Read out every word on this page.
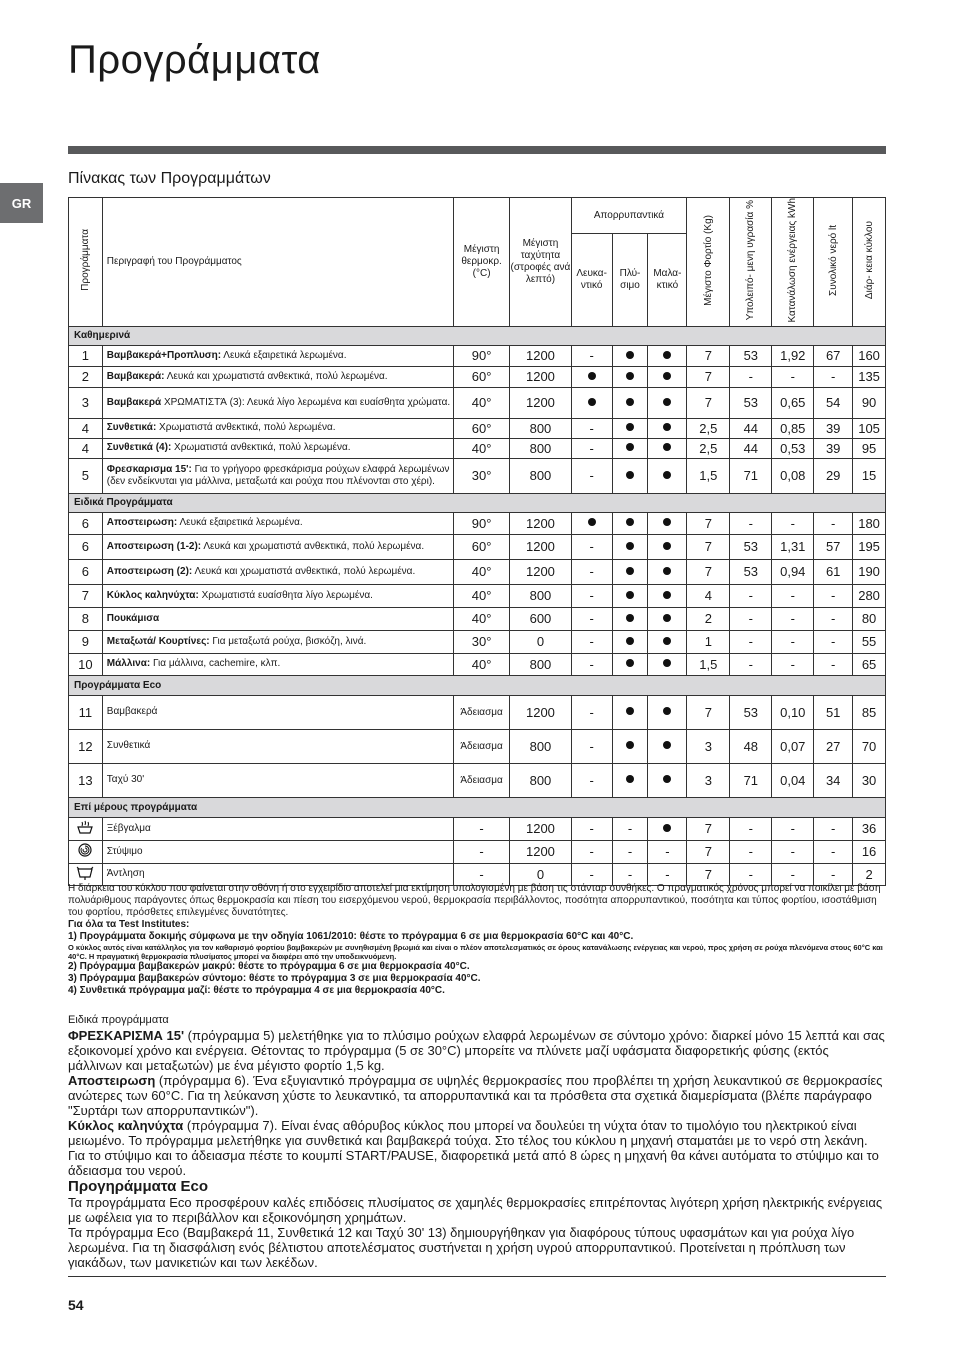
Προγράμματα
GR
Πίνακας των Προγραμμάτων
Προγράμματα	Περιγραφή του Προγράμματος	Μέγιστη θερμοκρ. (°C)	Μέγιστη ταχύτητα (στροφές ανά λεπτό)	Απορρυπαντικά			Μέγιστο Φορτίο (Kg)	Υπολειπό- μενη υγρασία %	Κατανάλωση ενέργειας kWh	Συνολικό νερό lt	Διάρ- κεια κύκλου
				Λευκα- ντικό	Πλύ- σιμο	Μαλα- κτικό					
Καθημερινά											
1	Βαμβακερά+Προπλυση: Λευκά εξαιρετικά λερωμένα.	90°	1200	-			7	53	1,92	67	160
2	Βαμβακερά: Λευκά και χρωματιστά ανθεκτικά, πολύ λερωμένα.	60°	1200				7	-	-	-	135
3	Βαμβακερά ΧΡΩΜΑΤΙΣΤΆ (3): Λευκά λίγο λερωμένα και ευαίσθητα χρώματα.	40°	1200				7	53	0,65	54	90
4	Συνθετικά: Χρωματιστά ανθεκτικά, πολύ λερωμένα.	60°	800	-			2,5	44	0,85	39	105
4	Συνθετικά (4): Χρωματιστά ανθεκτικά, πολύ λερωμένα.	40°	800	-			2,5	44	0,53	39	95
5	Φρεσκαρισμα 15': Για το γρήγορο φρεσκάρισμα ρούχων ελαφρά λερωμένων (δεν ενδείκνυται για μάλλινα, μεταξωτά και ρούχα που πλένονται στο χέρι).	30°	800	-			1,5	71	0,08	29	15
Ειδικά Προγράμματα											
6	Αποστειρωση: Λευκά εξαιρετικά λερωμένα.	90°	1200				7	-	-	-	180
6	Αποστειρωση (1-2): Λευκά και χρωματιστά ανθεκτικά, πολύ λερωμένα.	60°	1200	-			7	53	1,31	57	195
6	Αποστειρωση (2): Λευκά και χρωματιστά ανθεκτικά, πολύ λερωμένα.	40°	1200	-			7	53	0,94	61	190
7	Κύκλος καληνύχτα: Χρωματιστά ευαίσθητα λίγο λερωμένα.	40°	800	-			4	-	-	-	280
8	Πουκάμισα	40°	600	-			2	-	-	-	80
9	Μεταξωτά/ Κουρτίνες: Για μεταξωτά ρούχα, βισκόζη, λινά.	30°	0	-			1	-	-	-	55
10	Μάλλινα: Για μάλλινα, cachemire, κλπ.	40°	800	-			1,5	-	-	-	65
Προγράμματα Eco											
11	Βαμβακερά	Άδειασμα	1200	-			7	53	0,10	51	85
12	Συνθετικά	Άδειασμα	800	-			3	48	0,07	27	70
13	Ταχύ 30'	Άδειασμα	800	-			3	71	0,04	34	30
Επί μέρους προγράμματα											
	Ξέβγαλμα	-	1200	-	-		7	-	-	-	36
	Στύψιμο	-	1200	-	-	-	7	-	-	-	16
	Άντληση	-	0	-	-	-	7	-	-	-	2

Η διάρκεια του κύκλου που φαίνεται στην οθόνη ή στο εγχειρίδιο αποτελεί μια εκτίμηση υπολογισμένη με βάση τις στάνταρ συνθήκες. Ο πραγματικός χρόνος μπορεί να ποικίλει με βάση πολυάριθμους παράγοντες όπως θερμοκρασία και πίεση του εισερχόμενου νερού, θερμοκρασία περιβάλλοντος, ποσότητα απορρυπαντικού, ποσότητα και τύπος φορτίου, ισοστάθμιση του φορτίου, πρόσθετες επιλεγμένες δυνατότητες.

Για όλα τα Test Institutes:

1) Προγράμματα δοκιμής σύμφωνα με την οδηγία 1061/2010: θέστε το πρόγραμμα 6 σε μια θερμοκρασία 60°C και 40°C.

Ο κύκλος αυτός είναι κατάλληλος για τον καθαρισμό φορτίου βαμβακερών με συνηθισμένη βρωμιά και είναι ο πλέον αποτελεσματικός σε όρους κατανάλωσης ενέργειας και νερού, προς χρήση σε ρούχα πλενόμενα στους 60°C και 40°C. Η πραγματική θερμοκρασία πλυσίματος μπορεί να διαφέρει από την υποδεικνυόμενη.

2) Πρόγραμμα βαμβακερών μακρύ: θέστε το πρόγραμμα 6 σε μια θερμοκρασία 40°C.

3) Πρόγραμμα βαμβακερών σύντομο: θέστε το πρόγραμμα 3 σε μια θερμοκρασία 40°C.

4) Συνθετικά πρόγραμμα μαζί: θέστε το πρόγραμμα 4 σε μια θερμοκρασία 40°C.

Ειδικά προγράμματα

ΦΡΕΣΚΑΡΙΣΜΑ 15' (πρόγραμμα 5) μελετήθηκε για το πλύσιμο ρούχων ελαφρά λερωμένων σε σύντομο χρόνο: διαρκεί μόνο 15 λεπτά και σας εξοικονομεί χρόνο και ενέργεια. Θέτοντας το πρόγραμμα (5 σε 30°C) μπορείτε να πλύνετε μαζί υφάσματα διαφορετικής φύσης (εκτός μάλλινων και μεταξωτών) με ένα μέγιστο φορτίο 1,5 kg.

Αποστειρωση (πρόγραμμα 6). Ένα εξυγιαντικό πρόγραμμα σε υψηλές θερμοκρασίες που προβλέπει τη χρήση λευκαντικού σε θερμοκρασίες ανώτερες των 60°C. Για τη λεύκανση χύστε το λευκαντικό, τα απορρυπαντικά και τα πρόσθετα στα σχετικά διαμερίσματα (βλέπε παράγραφο "Συρτάρι των απορρυπαντικών").

Κύκλος καληνύχτα (πρόγραμμα 7). Είναι ένας αθόρυβος κύκλος που μπορεί να δουλεύει τη νύχτα όταν το τιμολόγιο του ηλεκτρικού είναι μειωμένο. Το πρόγραμμα μελετήθηκε για συνθετικά και βαμβακερά τούχα. Στο τέλος του κύκλου η μηχανή σταματάει με το νερό στη λεκάνη. Για το στύψιμο και το άδειασμα πέστε το κουμπί START/PAUSE, διαφορετικά μετά από 8 ώρες η μηχανή θα κάνει αυτόματα το στύψιμο και το άδειασμα του νερού.

Προγηράμματα Eco

Τα προγράμματα Eco προσφέρουν καλές επιδόσεις πλυσίματος σε χαμηλές θερμοκρασίες επιτρέποντας λιγότερη χρήση ηλεκτρικής ενέργειας με ωφέλεια για το περιβάλλον και εξοικονόμηση χρημάτων.

Τα πρόγραμμα Eco (Βαμβακερά 11, Συνθετικά 12 και Ταχύ 30' 13) δημιουργήθηκαν για διαφόρους τύπους υφασμάτων και για ρούχα λίγο λερωμένα. Για τη διασφάλιση ενός βέλτιστου αποτελέσματος συστήνεται η χρήση υγρού απορρυπαντικού. Προτείνεται η πρόπλυση των γιακάδων, των μανικετιών και των λεκέδων.

54
